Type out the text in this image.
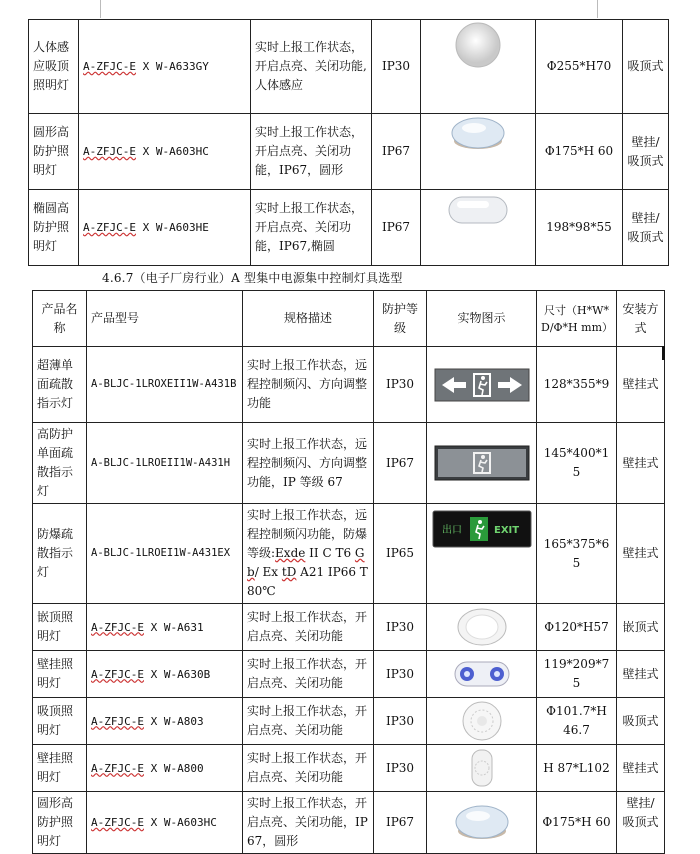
人体感应吸顶照明灯	A-ZFJC-E X W-A633GY	实时上报工作状态，开启点亮、关闭功能,人体感应	IP30		Φ255*H70	吸顶式
圆形高防护照明灯	A-ZFJC-E X W-A603HC	实时上报工作状态，开启点亮、关闭功能，IP67，圆形	IP67		Φ175*H 60	壁挂/吸顶式
椭圆高防护照明灯	A-ZFJC-E X W-A603HE	实时上报工作状态，开启点亮、关闭功能，IP67,椭圆	IP67		198*98*55	壁挂/吸顶式
4.6.7（电子厂房行业）A 型集中电源集中控制灯具选型
产品名称	产品型号	规格描述	防护等级	实物图示	尺寸（H*W*D/Φ*H mm）	安装方式
超薄单面疏散指示灯	A-BLJC-1LROXEII1W-A431B	实时上报工作状态，远程控制频闪、方向调整功能	IP30		128*355*9	壁挂式
高防护单面疏散指示灯	A-BLJC-1LROEII1W-A431H	实时上报工作状态，远程控制频闪、方向调整功能，IP 等级 67	IP67		145*400*15	壁挂式
防爆疏散指示灯	A-BLJC-1LROEI1W-A431EX	实时上报工作状态，远程控制频闪功能，防爆等级:Exde II C T6 Gb/ Ex tD A21 IP66 T80℃	IP65	出口 EXIT	165*375*65	壁挂式
嵌顶照明灯	A-ZFJC-E X W-A631	实时上报工作状态，开启点亮、关闭功能	IP30		Φ120*H57	嵌顶式
壁挂照明灯	A-ZFJC-E X W-A630B	实时上报工作状态，开启点亮、关闭功能	IP30		119*209*75	壁挂式
吸顶照明灯	A-ZFJC-E X W-A803	实时上报工作状态，开启点亮、关闭功能	IP30		Φ101.7*H 46.7	吸顶式
壁挂照明灯	A-ZFJC-E X W-A800	实时上报工作状态，开启点亮、关闭功能	IP30		H 87*L102	壁挂式
圆形高防护照明灯	A-ZFJC-E X W-A603HC	实时上报工作状态，开启点亮、关闭功能，IP67，圆形	IP67		Φ175*H 60	壁挂/吸顶式
